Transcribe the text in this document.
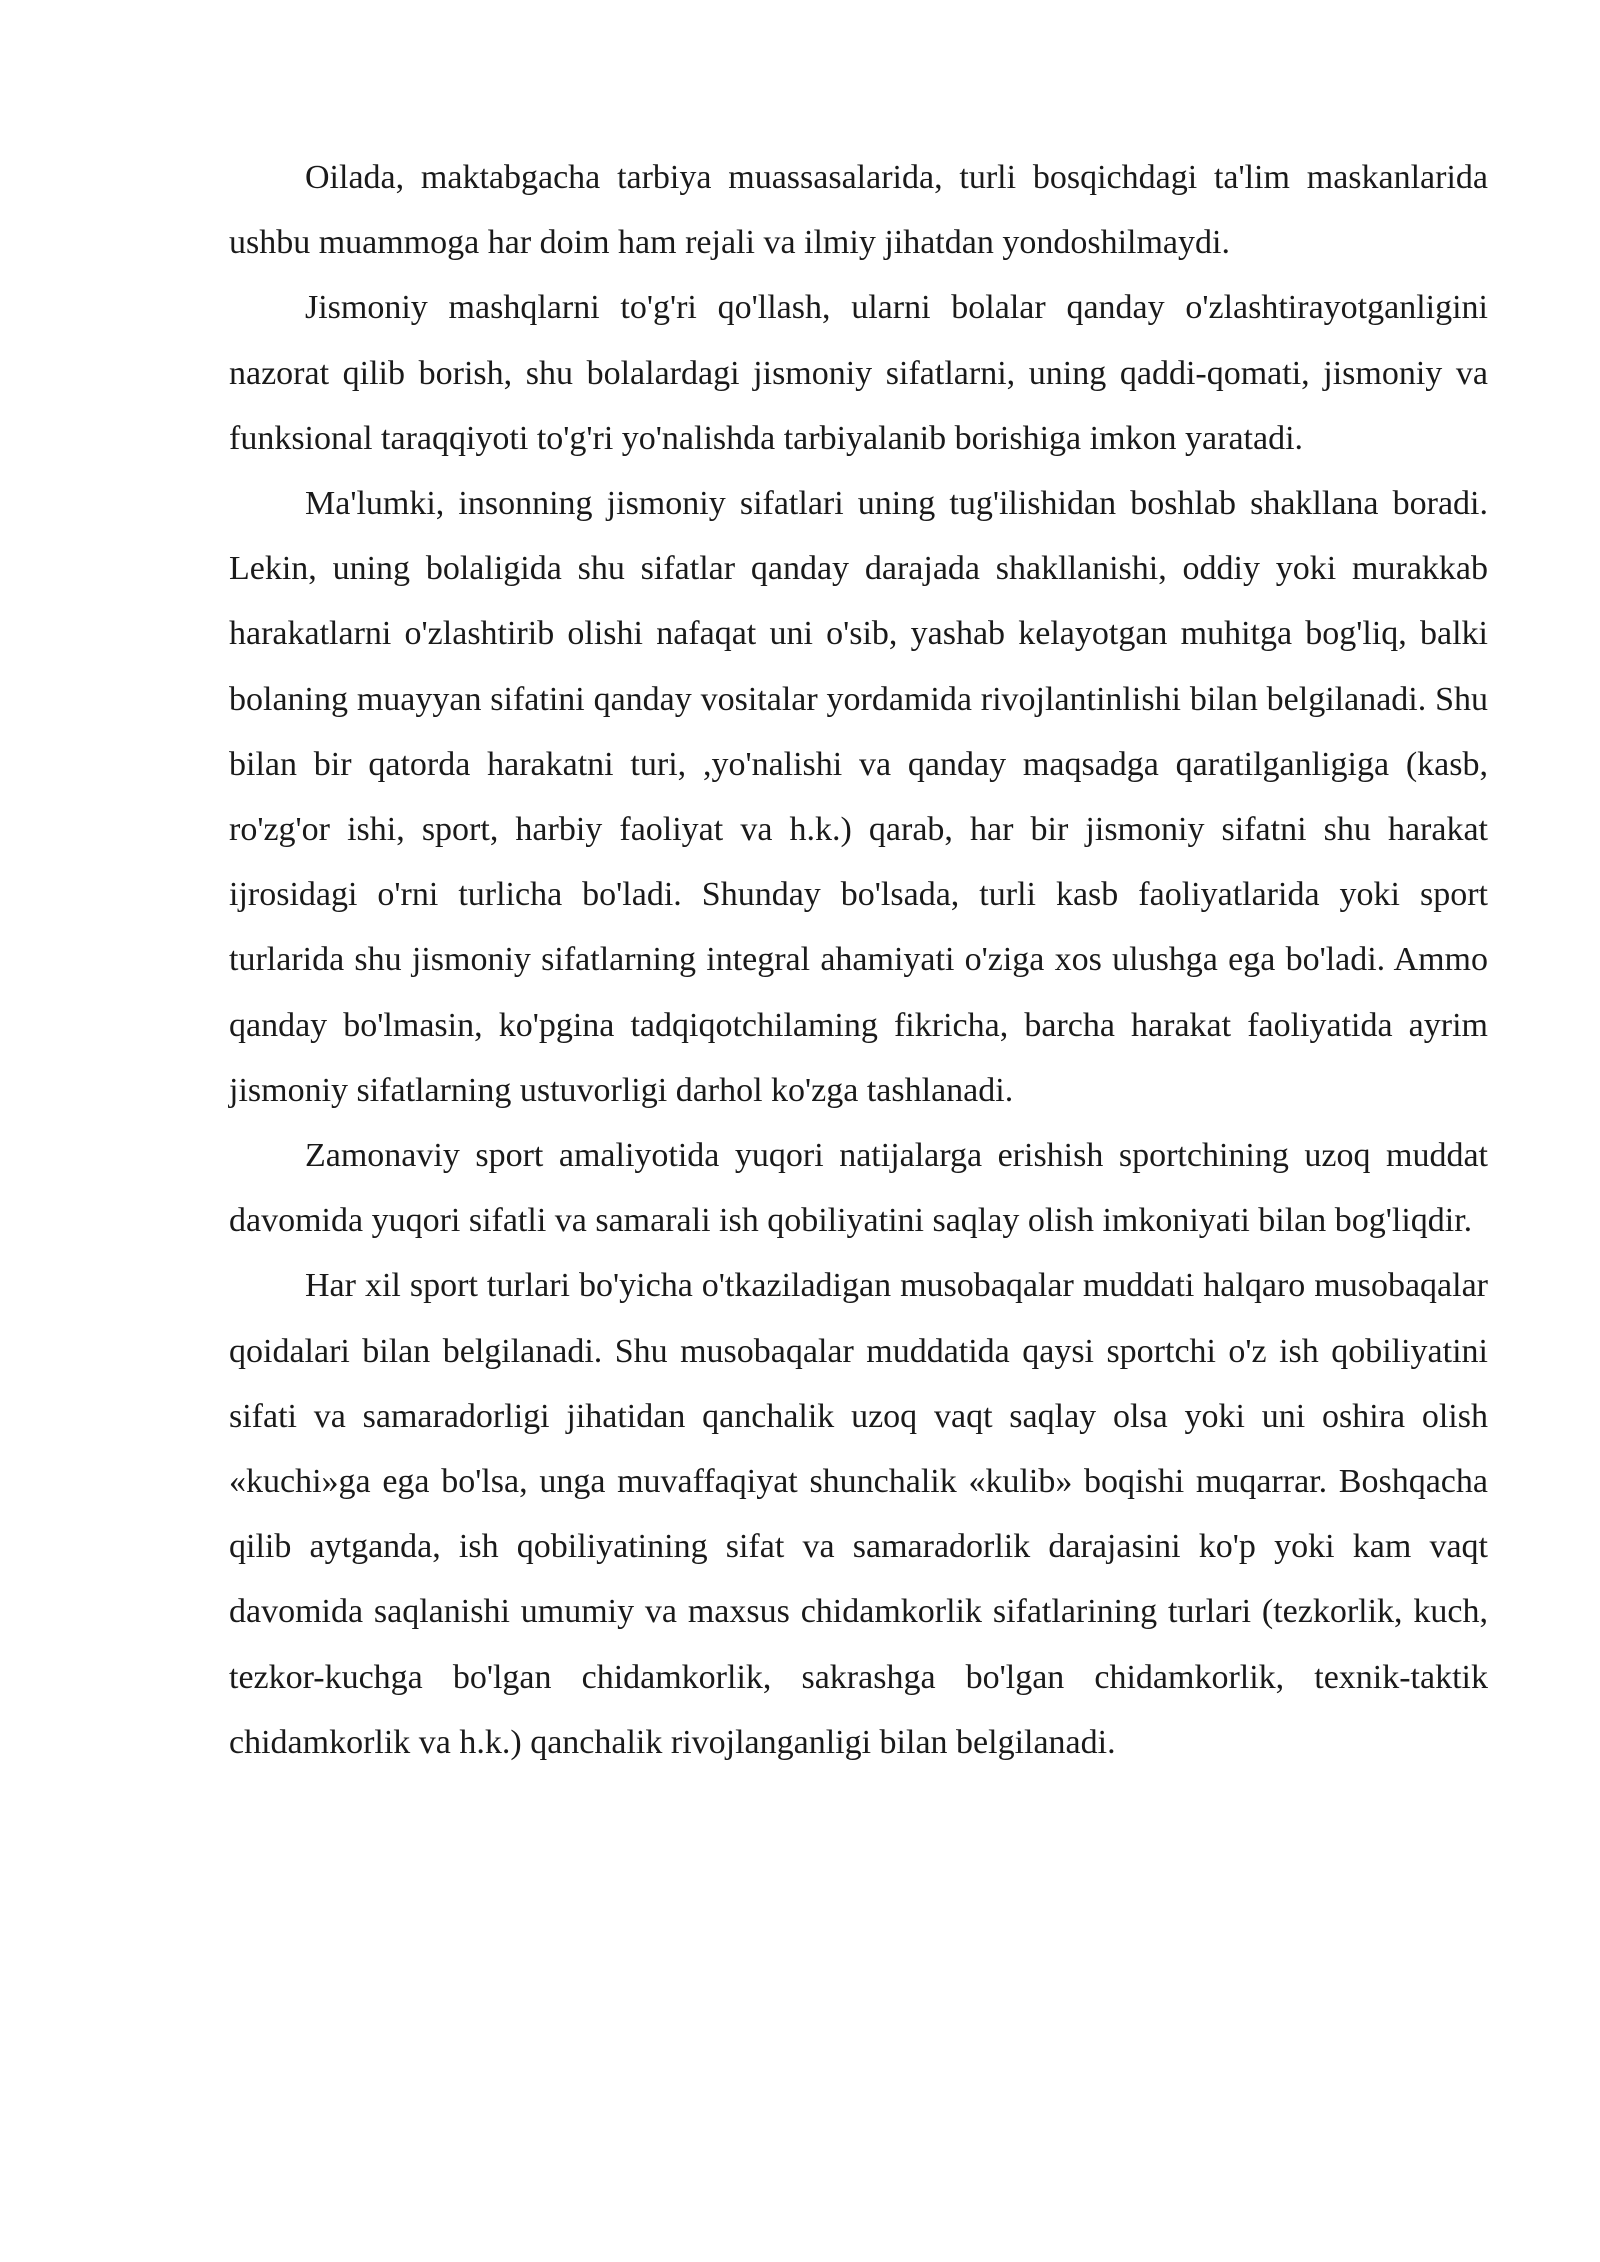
Oilada, maktabgacha tarbiya muassasalarida, turli bosqichdagi ta'lim maskanlarida ushbu muammoga har doim ham rejali va ilmiy jihatdan yondoshilmaydi.

Jismoniy mashqlarni to'g'ri qo'llash, ularni bolalar qanday o'zlashtirayotganligini nazorat qilib borish, shu bolalardagi jismoniy sifatlarni, uning qaddi-qomati, jismoniy va funksional taraqqiyoti to'g'ri yo'nalishda tarbiyalanib borishiga imkon yaratadi.

Ma'lumki, insonning jismoniy sifatlari uning tug'ilishidan boshlab shakllana boradi. Lekin, uning bolaligida shu sifatlar qanday darajada shakllanishi, oddiy yoki murakkab harakatlarni o'zlashtirib olishi nafaqat uni o'sib, yashab kelayotgan muhitga bog'liq, balki bolaning muayyan sifatini qanday vositalar yordamida rivojlantinlishi bilan belgilanadi. Shu bilan bir qatorda harakatni turi, ,yo'nalishi va qanday maqsadga qaratilganligiga (kasb, ro'zg'or ishi, sport, harbiy faoliyat va h.k.) qarab, har bir jismoniy sifatni shu harakat ijrosidagi o'rni turlicha bo'ladi. Shunday bo'lsada, turli kasb faoliyatlarida yoki sport turlarida shu jismoniy sifatlarning integral ahamiyati o'ziga xos ulushga ega bo'ladi. Ammo qanday bo'lmasin, ko'pgina tadqiqotchilaming fikricha, barcha harakat faoliyatida ayrim jismoniy sifatlarning ustuvorligi darhol ko'zga tashlanadi.

Zamonaviy sport amaliyotida yuqori natijalarga erishish sportchining uzoq muddat davomida yuqori sifatli va samarali ish qobiliyatini saqlay olish imkoniyati bilan bog'liqdir.

Har xil sport turlari bo'yicha o'tkaziladigan musobaqalar muddati halqaro musobaqalar qoidalari bilan belgilanadi. Shu musobaqalar muddatida qaysi sportchi o'z ish qobiliyatini sifati va samaradorligi jihatidan qanchalik uzoq vaqt saqlay olsa yoki uni oshira olish «kuchi»ga ega bo'lsa, unga muvaffaqiyat shunchalik «kulib» boqishi muqarrar. Boshqacha qilib aytganda, ish qobiliyatining sifat va samaradorlik darajasini ko'p yoki kam vaqt davomida saqlanishi umumiy va maxsus chidamkorlik sifatlarining turlari (tezkorlik, kuch, tezkor-kuchga bo'lgan chidamkorlik, sakrashga bo'lgan chidamkorlik, texnik-taktik chidamkorlik va h.k.) qanchalik rivojlanganligi bilan belgilanadi.
